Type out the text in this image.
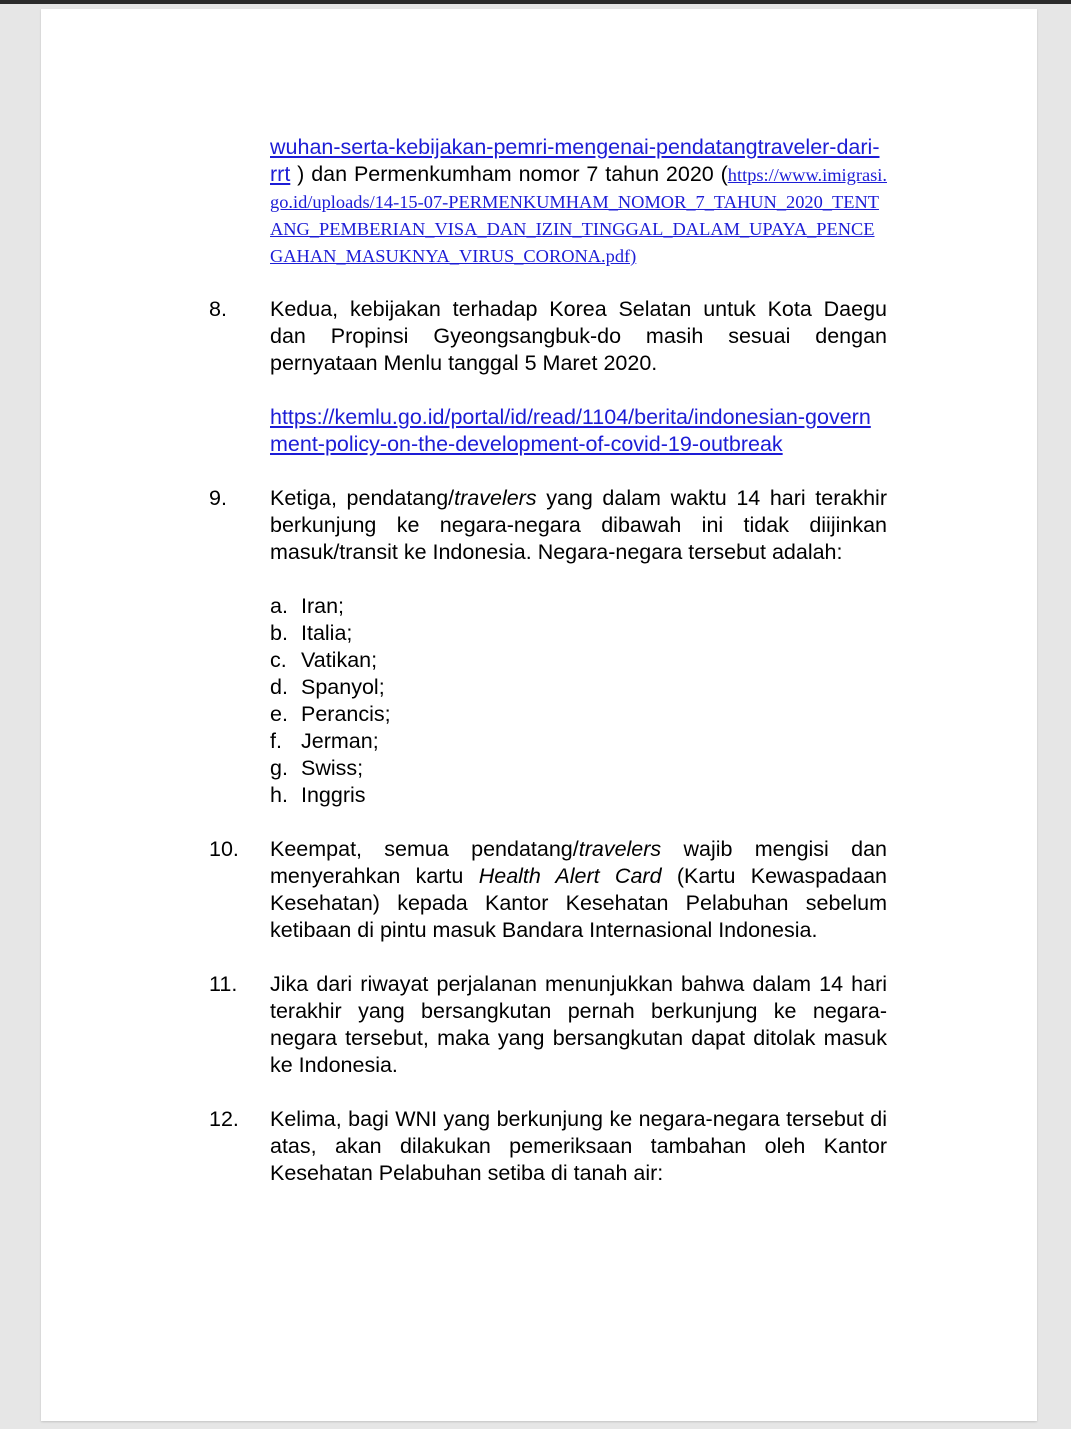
wuhan-serta-kebijakan-pemri-mengenai-pendatangtraveler-dari-rrt ) dan Permenkumham nomor 7 tahun 2020 (https://www.imigrasi.go.id/uploads/14-15-07-PERMENKUMHAM_NOMOR_7_TAHUN_2020_TENTANG_PEMBERIAN_VISA_DAN_IZIN_TINGGAL_DALAM_UPAYA_PENCEGAHAN_MASUKNYA_VIRUS_CORONA.pdf)

8. Kedua, kebijakan terhadap Korea Selatan untuk Kota Daegu dan Propinsi Gyeongsangbuk-do masih sesuai dengan pernyataan Menlu tanggal 5 Maret 2020.

https://kemlu.go.id/portal/id/read/1104/berita/indonesian-government-policy-on-the-development-of-covid-19-outbreak

9. Ketiga, pendatang/travelers yang dalam waktu 14 hari terakhir berkunjung ke negara-negara dibawah ini tidak diijinkan masuk/transit ke Indonesia. Negara-negara tersebut adalah:

a. Iran;

b. Italia;

c. Vatikan;

d. Spanyol;

e. Perancis;

f. Jerman;

g. Swiss;

h. Inggris

10. Keempat, semua pendatang/travelers wajib mengisi dan menyerahkan kartu Health Alert Card (Kartu Kewaspadaan Kesehatan) kepada Kantor Kesehatan Pelabuhan sebelum ketibaan di pintu masuk Bandara Internasional Indonesia.

11. Jika dari riwayat perjalanan menunjukkan bahwa dalam 14 hari terakhir yang bersangkutan pernah berkunjung ke negara-negara tersebut, maka yang bersangkutan dapat ditolak masuk ke Indonesia.

12. Kelima, bagi WNI yang berkunjung ke negara-negara tersebut di atas, akan dilakukan pemeriksaan tambahan oleh Kantor Kesehatan Pelabuhan setiba di tanah air:
